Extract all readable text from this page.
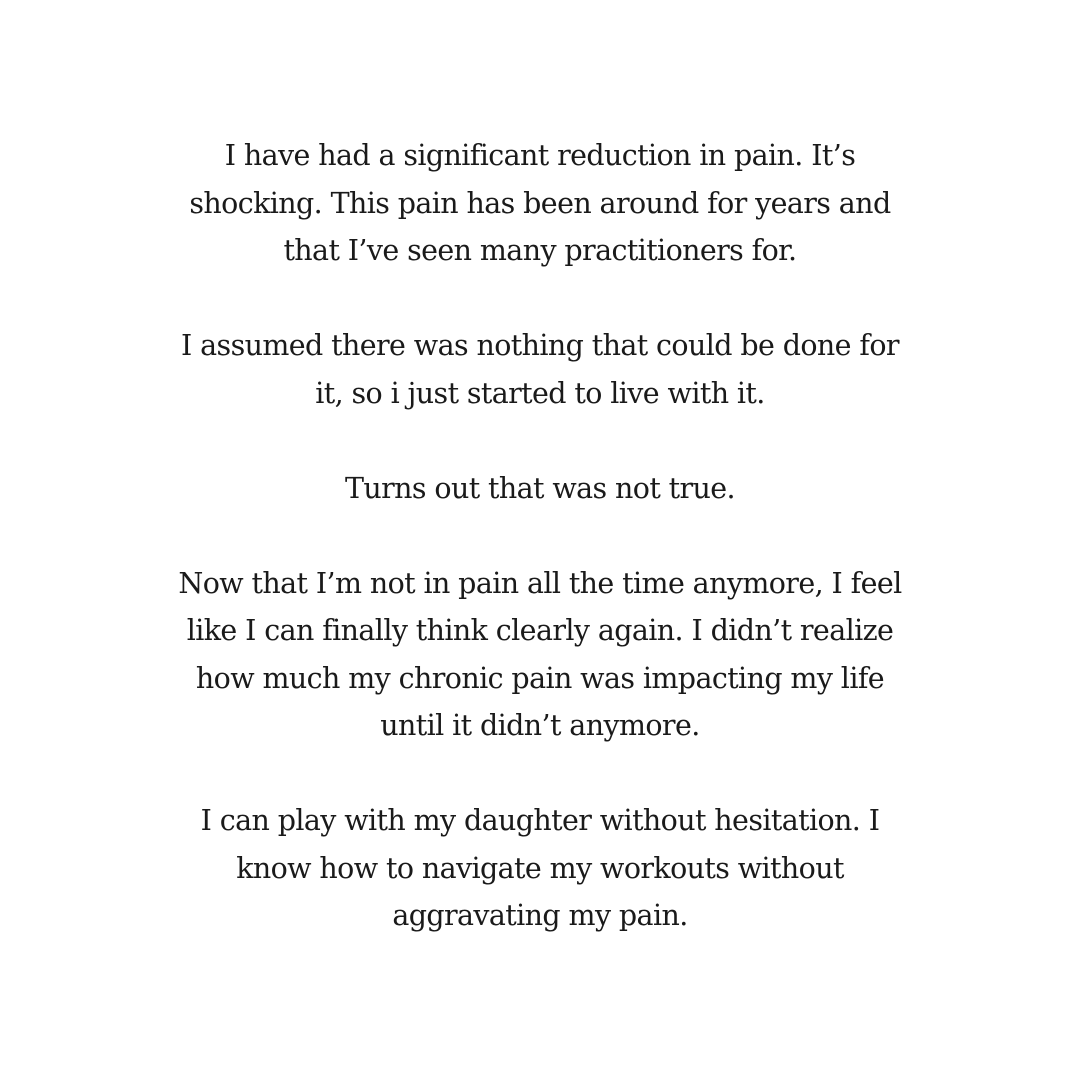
I have had a significant reduction in pain. It’s
shocking. This pain has been around for years and
that I’ve seen many practitioners for.

I assumed there was nothing that could be done for
it, so i just started to live with it.

Turns out that was not true.

Now that I’m not in pain all the time anymore, I feel
like I can finally think clearly again. I didn’t realize
how much my chronic pain was impacting my life
until it didn’t anymore.

I can play with my daughter without hesitation. I
know how to navigate my workouts without
aggravating my pain.
